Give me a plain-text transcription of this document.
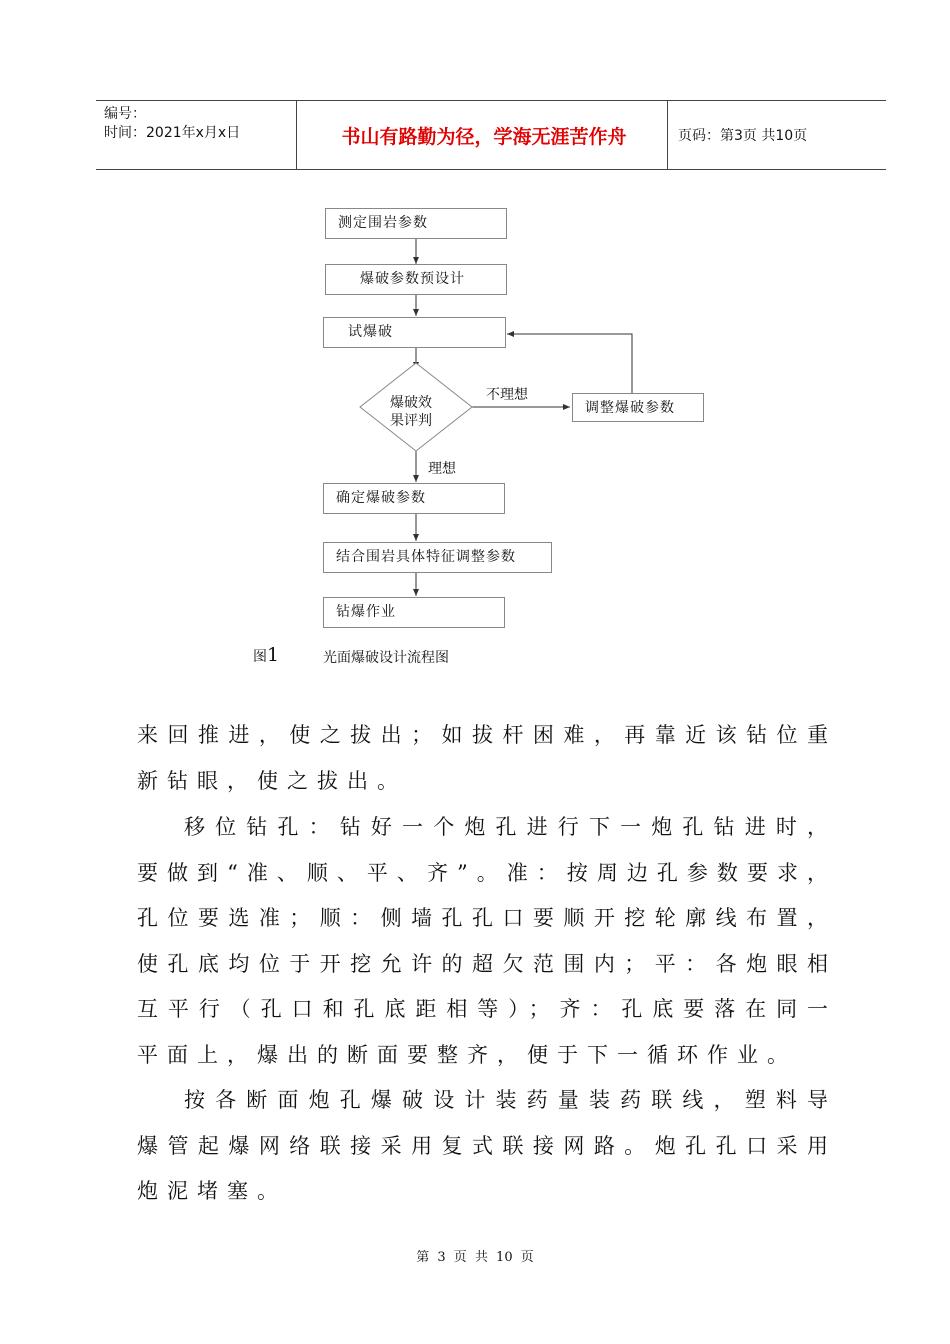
编号：
时间：2021年x月x日	书山有路勤为径，学海无涯苦作舟	页码：第3页 共10页
测定围岩参数
爆破参数预设计
试爆破
爆破效
果评判
不理想
调整爆破参数
理想
确定爆破参数
结合围岩具体特征调整参数
钻爆作业
图1	光面爆破设计流程图
来回推进，使之拔出；如拔杆困难，再靠近该钻位重新钻眼，使之拔出。
移位钻孔：钻好一个炮孔进行下一炮孔钻进时，要做到“准、顺、平、齐”。准：按周边孔参数要求，孔位要选准；顺：侧墙孔孔口要顺开挖轮廓线布置，使孔底均位于开挖允许的超欠范围内；平：各炮眼相互平行（孔口和孔底距相等）；齐：孔底要落在同一平面上，爆出的断面要整齐，便于下一循环作业。
按各断面炮孔爆破设计装药量装药联线，塑料导爆管起爆网络联接采用复式联接网路。炮孔孔口采用炮泥堵塞。
第 3 页 共 10 页
